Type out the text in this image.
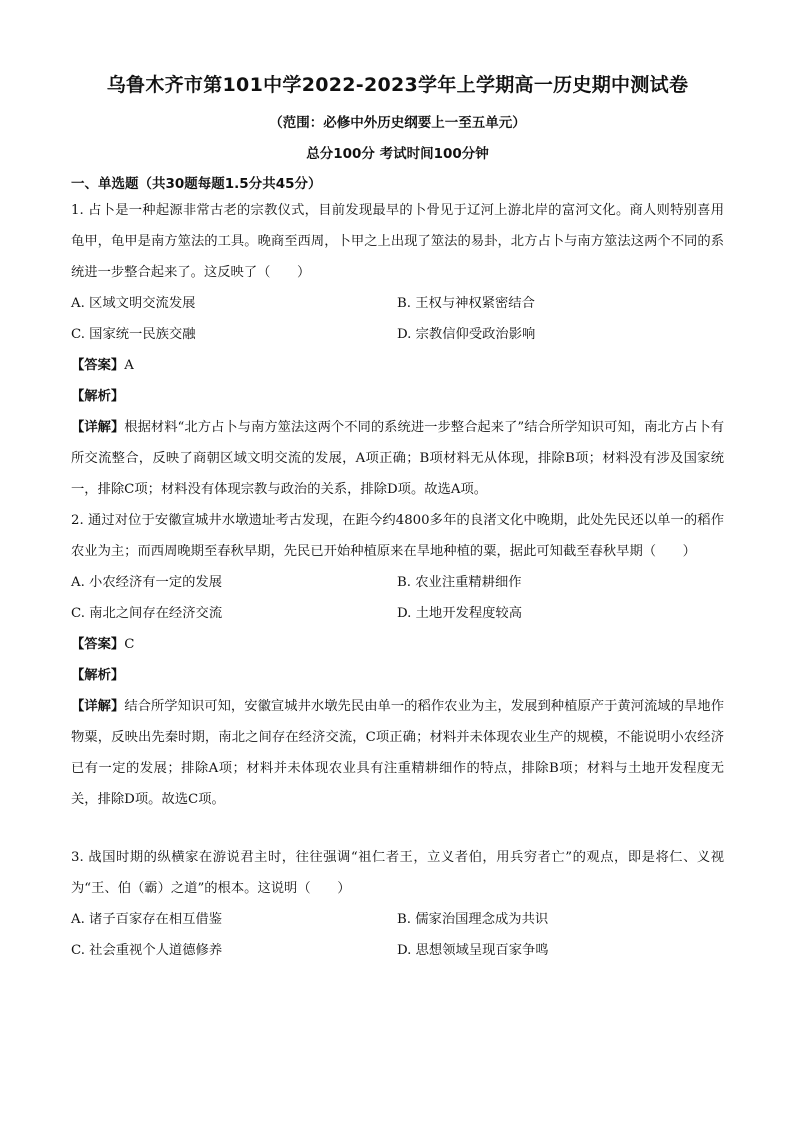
乌鲁木齐市第101中学2022-2023学年上学期高一历史期中测试卷
（范围：必修中外历史纲要上一至五单元）
总分100分 考试时间100分钟
一、单选题（共30题每题1.5分共45分）
1. 占卜是一种起源非常古老的宗教仪式，目前发现最早的卜骨见于辽河上游北岸的富河文化。商人则特别喜用龟甲，龟甲是南方筮法的工具。晚商至西周，卜甲之上出现了筮法的易卦，北方占卜与南方筮法这两个不同的系统进一步整合起来了。这反映了（　　）
A. 区域文明交流发展	B. 王权与神权紧密结合
C. 国家统一民族交融	D. 宗教信仰受政治影响
【答案】A
【解析】
【详解】根据材料“北方占卜与南方筮法这两个不同的系统进一步整合起来了”结合所学知识可知，南北方占卜有所交流整合，反映了商朝区域文明交流的发展，A项正确；B项材料无从体现，排除B项；材料没有涉及国家统一，排除C项；材料没有体现宗教与政治的关系，排除D项。故选A项。
2. 通过对位于安徽宣城井水墩遗址考古发现，在距今约4800多年的良渚文化中晚期，此处先民还以单一的稻作农业为主；而西周晚期至春秋早期，先民已开始种植原来在旱地种植的粟，据此可知截至春秋早期（　　）
A. 小农经济有一定的发展	B. 农业注重精耕细作
C. 南北之间存在经济交流	D. 土地开发程度较高
【答案】C
【解析】
【详解】结合所学知识可知，安徽宣城井水墩先民由单一的稻作农业为主，发展到种植原产于黄河流域的旱地作物粟，反映出先秦时期，南北之间存在经济交流，C项正确；材料并未体现农业生产的规模，不能说明小农经济已有一定的发展；排除A项；材料并未体现农业具有注重精耕细作的特点，排除B项；材料与土地开发程度无关，排除D项。故选C项。
3. 战国时期的纵横家在游说君主时，往往强调“祖仁者王，立义者伯，用兵穷者亡”的观点，即是将仁、义视为“王、伯（霸）之道”的根本。这说明（　　）
A. 诸子百家存在相互借鉴	B. 儒家治国理念成为共识
C. 社会重视个人道德修养	D. 思想领域呈现百家争鸣
